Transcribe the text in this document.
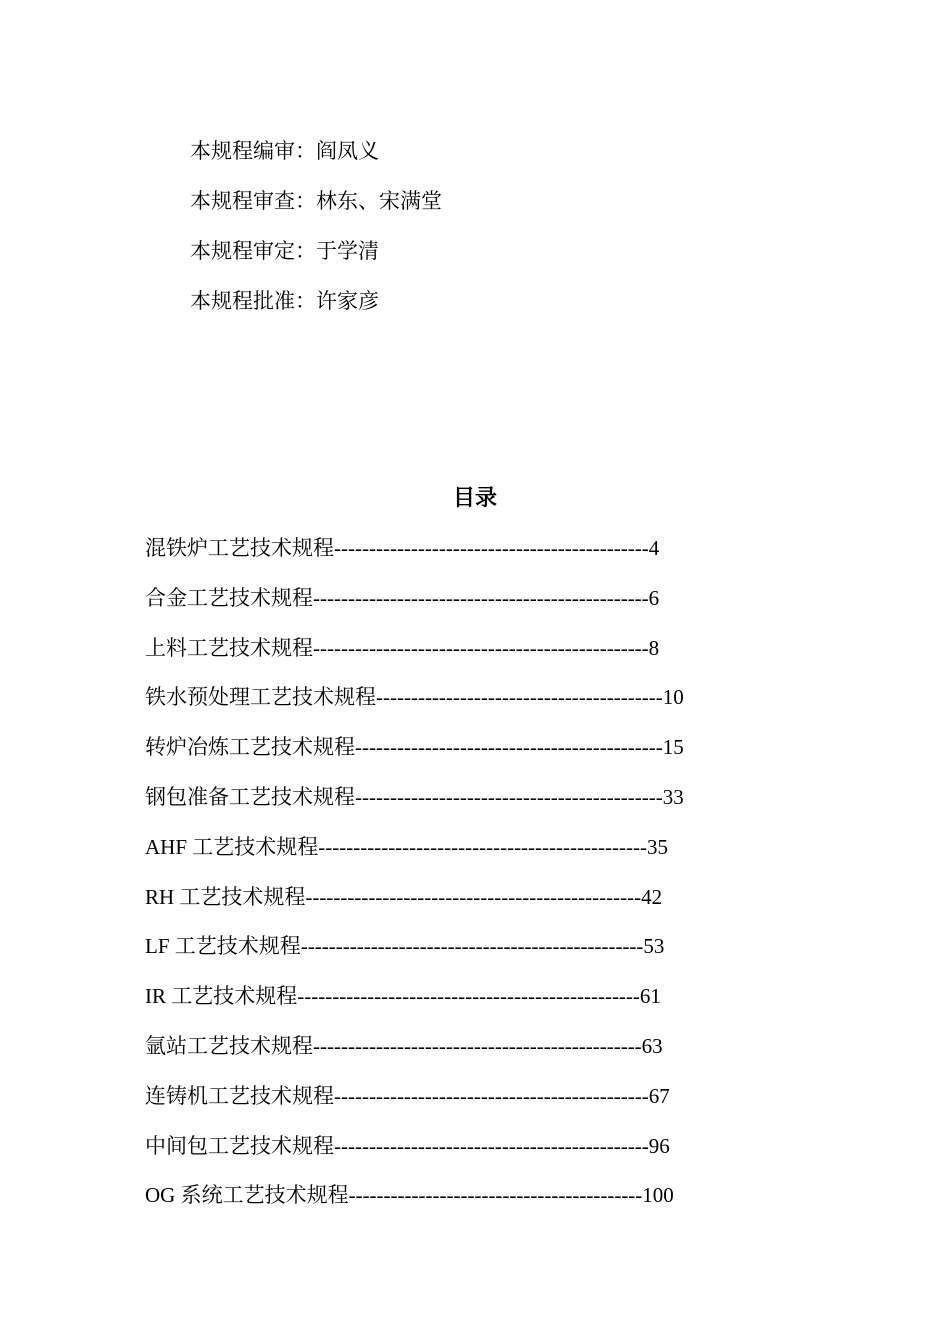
本规程编审：阎凤义
本规程审查：林东、宋满堂
本规程审定：于学清
本规程批准：许家彦
目录
混铁炉工艺技术规程---------------------------------------------4
合金工艺技术规程------------------------------------------------6
上料工艺技术规程------------------------------------------------8
铁水预处理工艺技术规程-----------------------------------------10
转炉冶炼工艺技术规程--------------------------------------------15
钢包准备工艺技术规程--------------------------------------------33
AHF 工艺技术规程-----------------------------------------------35
RH 工艺技术规程------------------------------------------------42
LF 工艺技术规程-------------------------------------------------53
IR 工艺技术规程-------------------------------------------------61
氩站工艺技术规程-----------------------------------------------63
连铸机工艺技术规程---------------------------------------------67
中间包工艺技术规程---------------------------------------------96
OG 系统工艺技术规程------------------------------------------100
